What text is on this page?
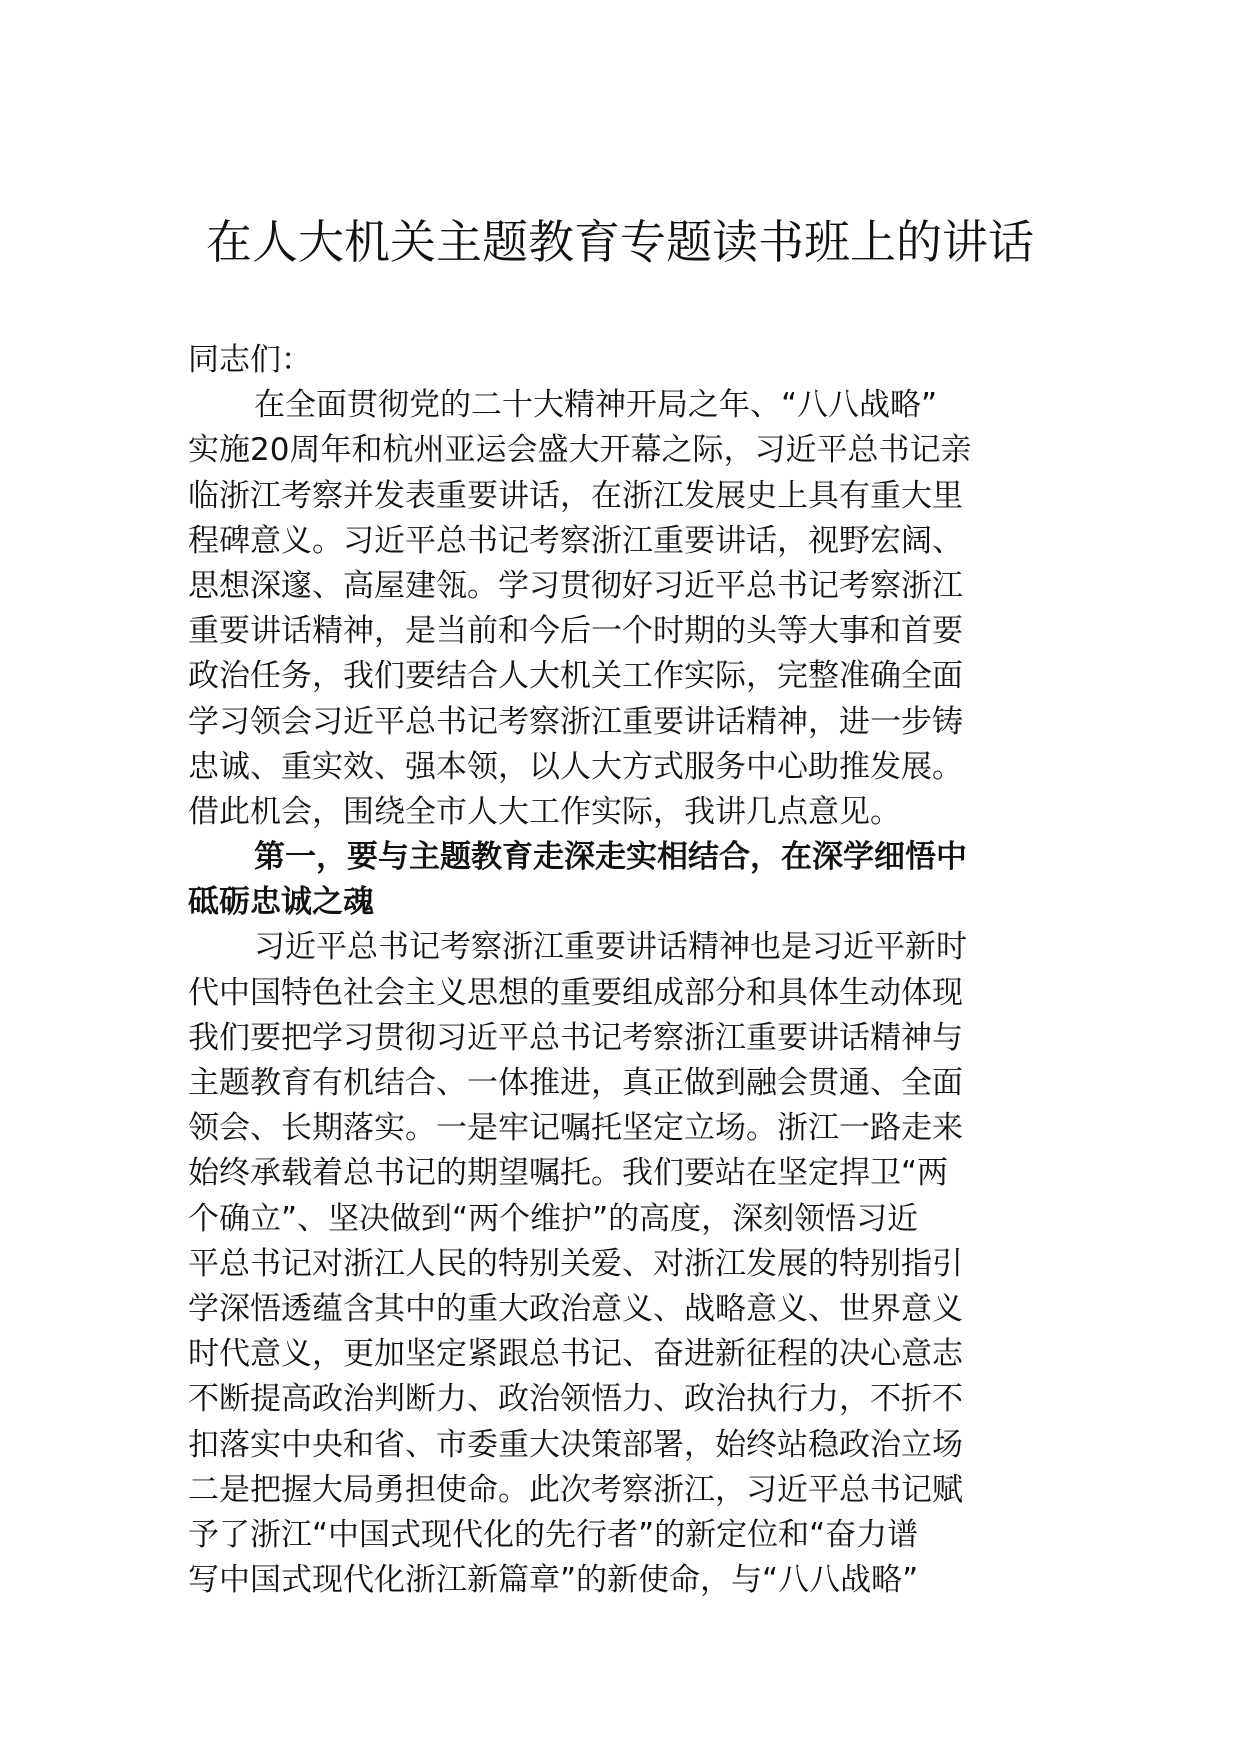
在人大机关主题教育专题读书班上的讲话
同志们：
在全面贯彻党的二十大精神开局之年、“八八战略”
实施20周年和杭州亚运会盛大开幕之际，习近平总书记亲
临浙江考察并发表重要讲话，在浙江发展史上具有重大里
程碑意义。习近平总书记考察浙江重要讲话，视野宏阔、
思想深邃、高屋建瓴。学习贯彻好习近平总书记考察浙江
重要讲话精神，是当前和今后一个时期的头等大事和首要
政治任务，我们要结合人大机关工作实际，完整准确全面
学习领会习近平总书记考察浙江重要讲话精神，进一步铸
忠诚、重实效、强本领，以人大方式服务中心助推发展。
借此机会，围绕全市人大工作实际，我讲几点意见。
第一，要与主题教育走深走实相结合，在深学细悟中
砥砺忠诚之魂
习近平总书记考察浙江重要讲话精神也是习近平新时
代中国特色社会主义思想的重要组成部分和具体生动体现
我们要把学习贯彻习近平总书记考察浙江重要讲话精神与
主题教育有机结合、一体推进，真正做到融会贯通、全面
领会、长期落实。一是牢记嘱托坚定立场。浙江一路走来
始终承载着总书记的期望嘱托。我们要站在坚定捍卫“两
个确立”、坚决做到“两个维护”的高度，深刻领悟习近
平总书记对浙江人民的特别关爱、对浙江发展的特别指引
学深悟透蕴含其中的重大政治意义、战略意义、世界意义
时代意义，更加坚定紧跟总书记、奋进新征程的决心意志
不断提高政治判断力、政治领悟力、政治执行力，不折不
扣落实中央和省、市委重大决策部署，始终站稳政治立场
二是把握大局勇担使命。此次考察浙江，习近平总书记赋
予了浙江“中国式现代化的先行者”的新定位和“奋力谱
写中国式现代化浙江新篇章”的新使命，与“八八战略”
